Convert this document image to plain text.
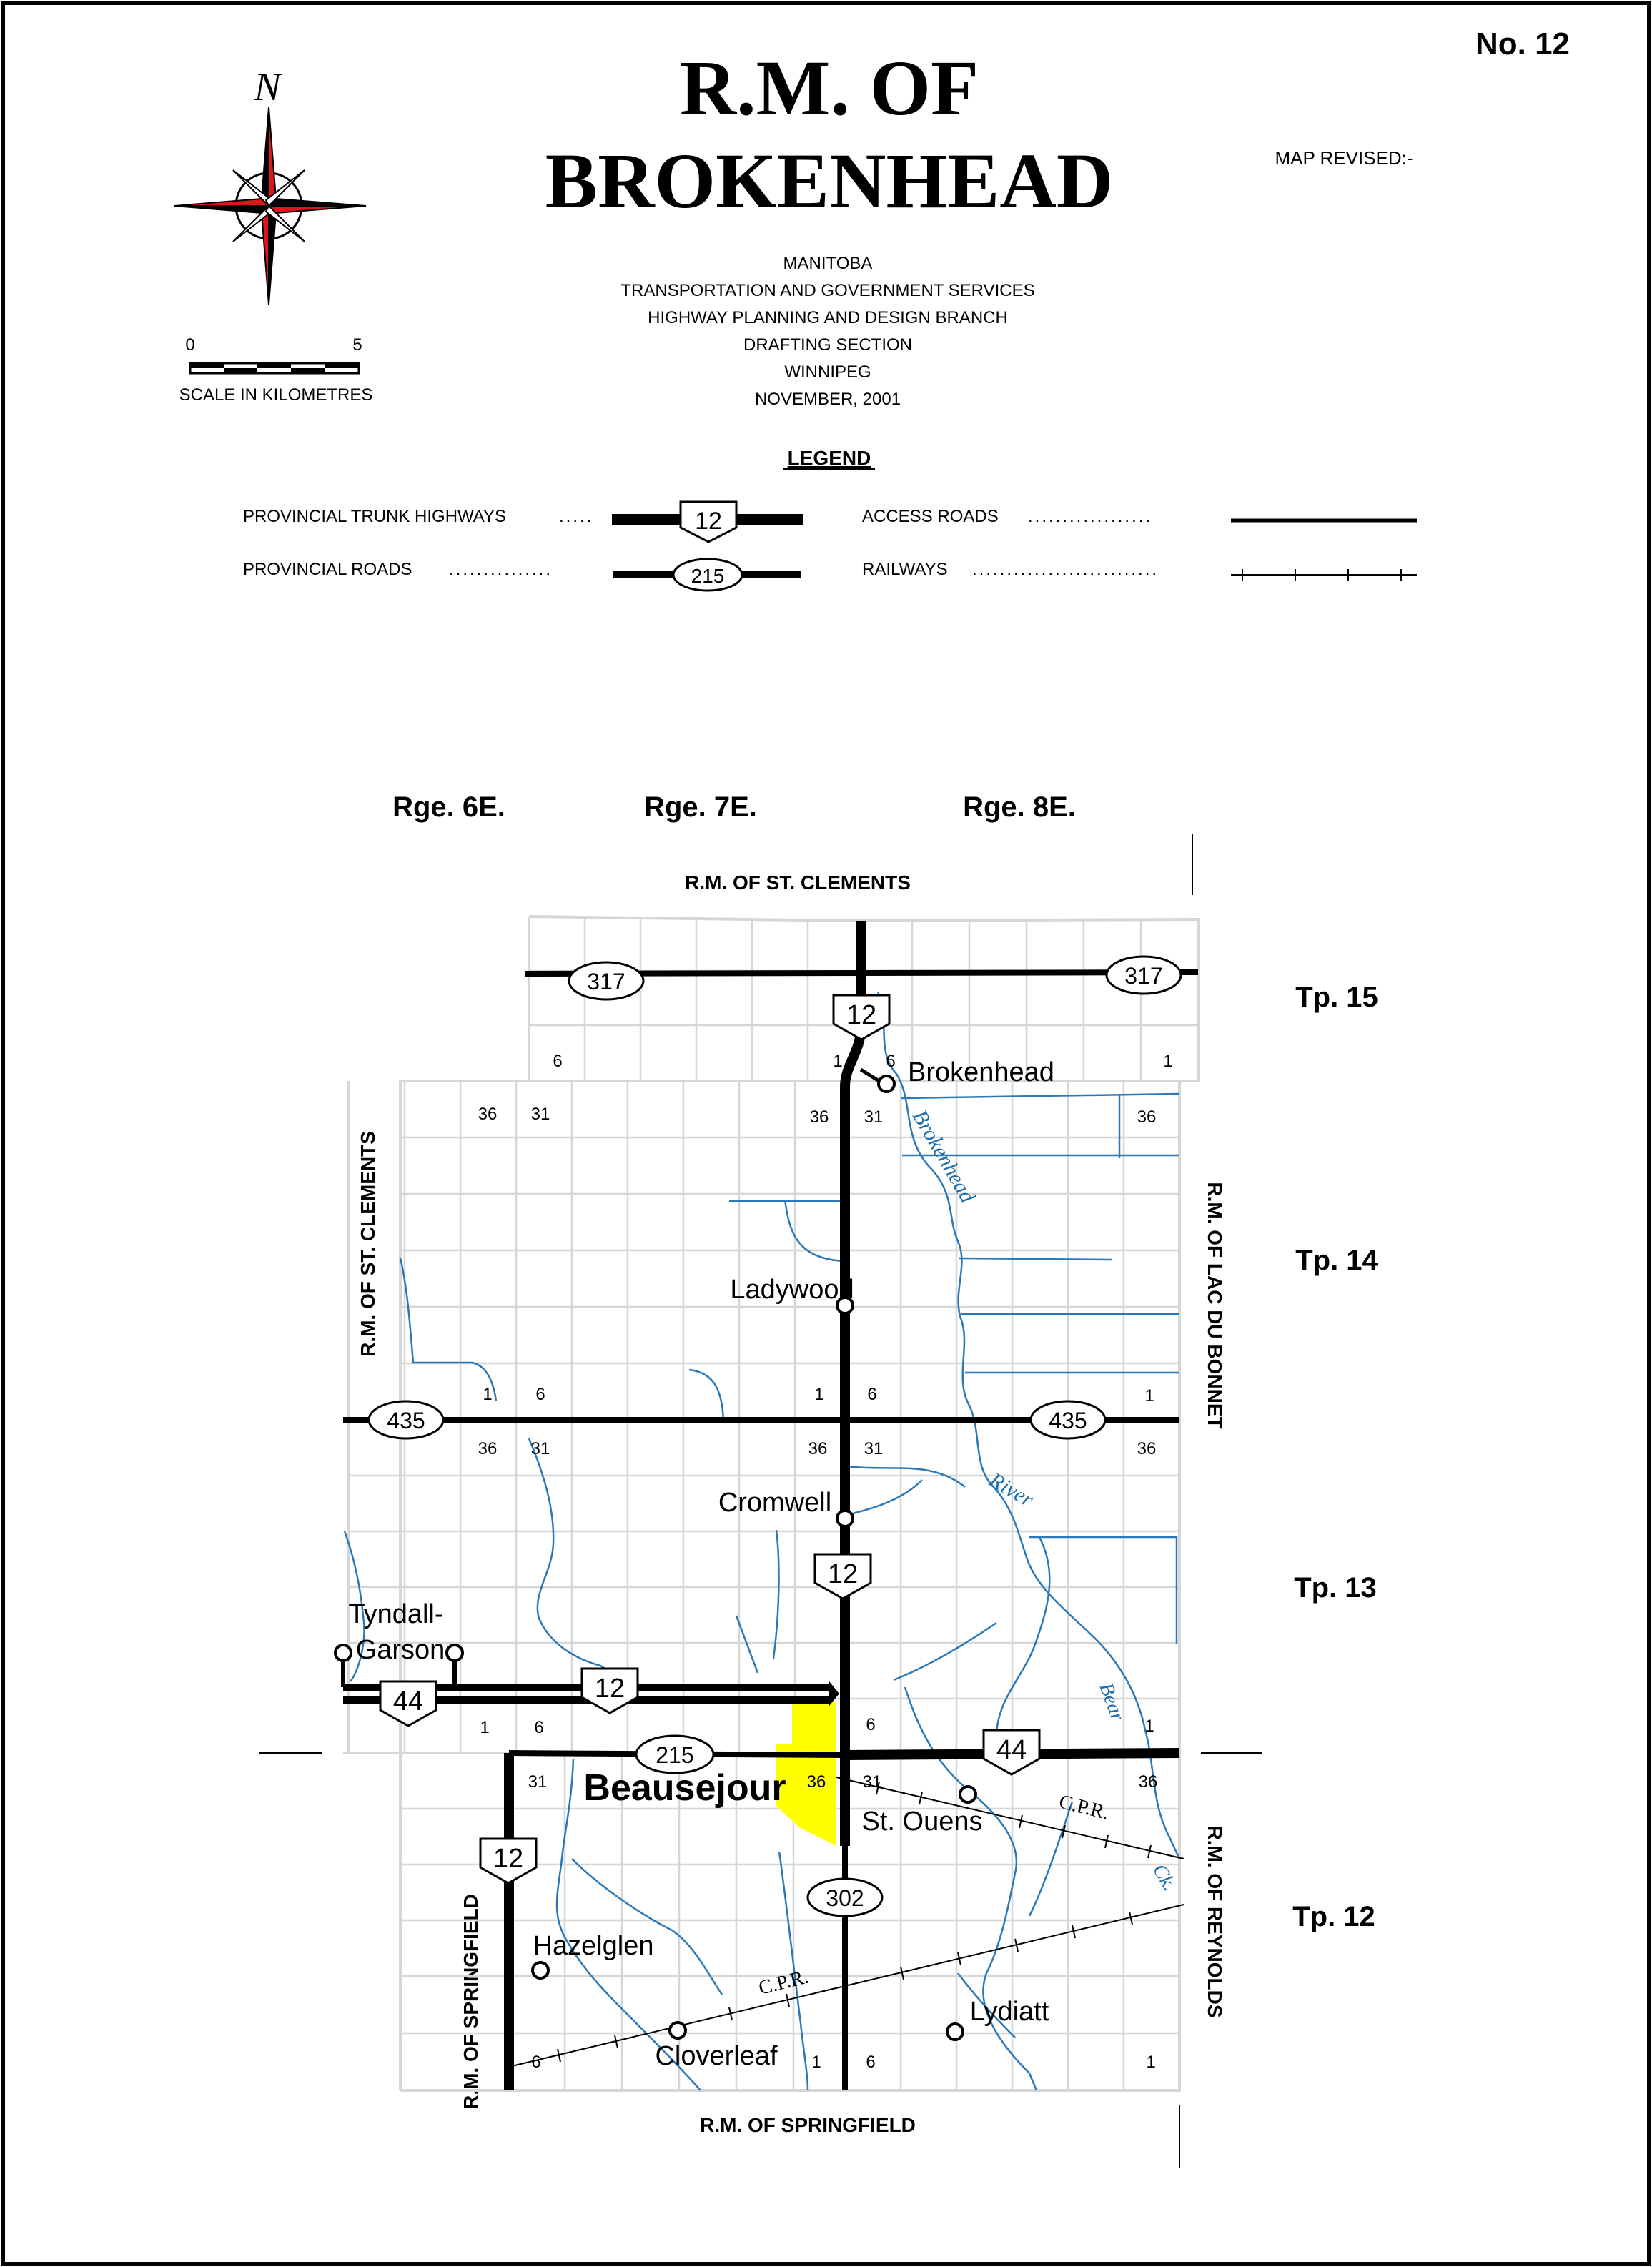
No. 12
R.M. OF
BROKENHEAD	MAP REVISED:-
N
0	5
SCALE IN KILOMETRES
MANITOBA
TRANSPORTATION AND GOVERNMENT SERVICES
HIGHWAY PLANNING AND DESIGN BRANCH
DRAFTING SECTION
WINNIPEG
NOVEMBER, 2001
LEGEND
PROVINCIAL TRUNK HIGHWAYS	.....	12
PROVINCIAL ROADS ...............	215
ACCESS ROADS ..................
RAILWAYS ...........................
Rge. 6E.	Rge. 7E.	Rge. 8E.
Tp. 15
Tp. 14
Tp. 13
Tp. 12
R.M. OF ST. CLEMENTS
R.M. OF SPRINGFIELD
R.M. OF ST. CLEMENTS
R.M. OF SPRINGFIELD
R.M. OF LAC DU BONNET
R.M. OF REYNOLDS
Brokenhead
River
Bear
Ck.
C.P.R.
C.P.R.
12
12
12
12
44
44
317	317
435	435
215
302
Brokenhead
Ladywood
Cromwell
Tyndall-
Garson
St. Ouens
Hazelglen
Cloverleaf
Lydiatt
Beausejour
6	1	6	1
36 31	36 31	36
1	6	1	6	1
36 31	36 31	36
1	6	6	1
31	36 31	36
6	1	6	1
